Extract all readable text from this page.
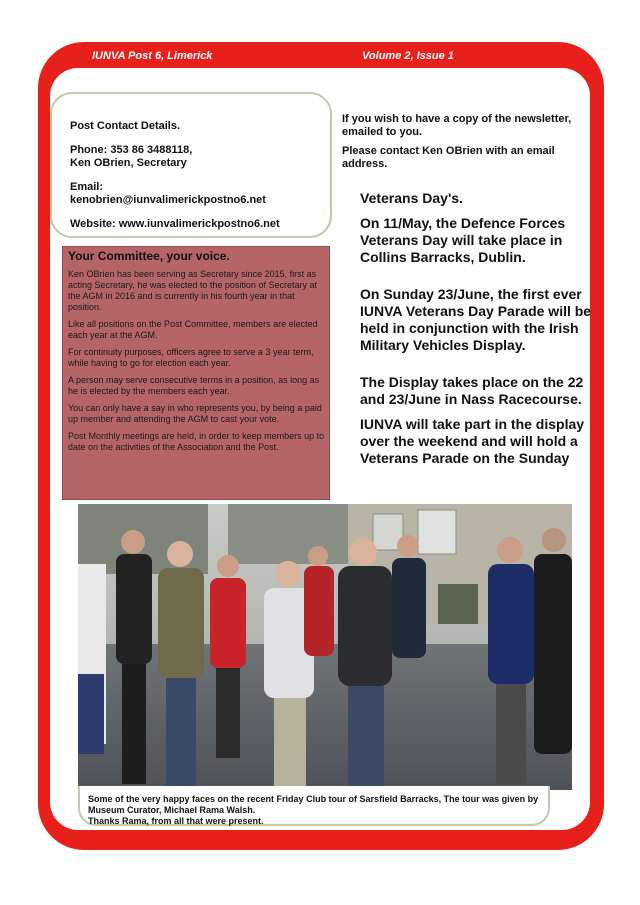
IUNVA Post 6, Limerick	Volume 2, Issue 1

Post Contact Details.

Phone: 353 86 3488118,
Ken OBrien, Secretary

Email:
kenobrien@iunvalimerickpostno6.net

Website: www.iunvalimerickpostno6.net

Your Committee, your voice.

Ken OBrien has been serving as Secretary since 2015, first as acting Secretary, he was elected to the position of Secretary at the AGM in 2016 and is currently in his fourth year in that position.

Like all positions on the Post Committee, members are elected each year at the AGM.

For continuity purposes, officers agree to serve a 3 year term, while having to go for election each year.

A person may serve consecutive terms in a position, as long as he is elected by the members each year.

You can only have a say in who represents you, by being a paid up member and attending the AGM to cast your vote.

Post Monthly meetings are held, in order to keep members up to date on the activities of the Association and the Post.

If you wish to have a copy of the newsletter, emailed to you.

Please contact Ken OBrien with an email address.

Veterans Day's.

On 11/May, the Defence Forces Veterans Day will take place in Collins Barracks, Dublin.

On Sunday 23/June, the first ever IUNVA Veterans Day Parade will be held in conjunction with the Irish Military Vehicles Display.

The Display takes place on the 22 and 23/June in Nass Racecourse.

IUNVA will take part in the display over the weekend and will hold a Veterans Parade on the Sunday

Some of the very happy faces on the recent Friday Club tour of Sarsfield Barracks, The tour was given by Museum Curator, Michael Rama Walsh.

Thanks Rama, from all that were present.
